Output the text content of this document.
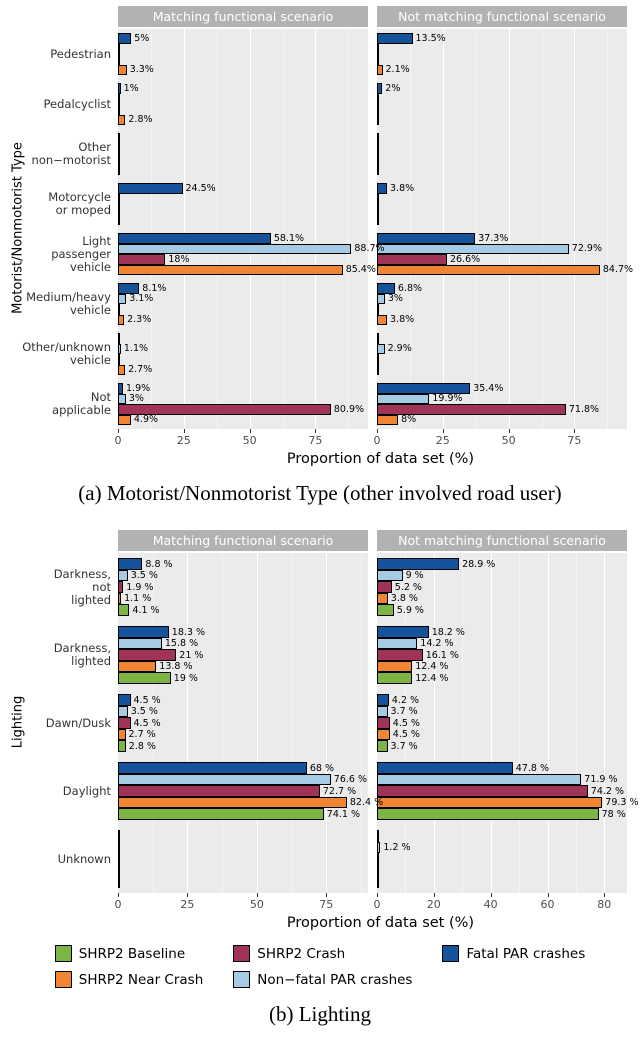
Motorist/Nonmotorist Type
Pedestrian
Pedalcyclist
Other
non−motorist
Motorcycle
or moped
Light
passenger
vehicle
Medium/heavy
vehicle
Other/unknown
vehicle
Not
applicable
Matching functional scenario
5%
3.3%
1%
2.8%
24.5%
58.1%
88.7%
18%
85.4%
8.1%
3.1%
2.3%
1.1%
2.7%
1.9%
3%
80.9%
4.9%
0	25	50	75
Not matching functional scenario
13.5%
2.1%
2%
3.8%
37.3%
72.9%
26.6%
84.7%
6.8%
3%
3.8%
2.9%
35.4%
19.9%
71.8%
8%
0	25	50	75
Proportion of data set (%)
(a) Motorist/Nonmotorist Type (other involved road user)
Lighting
Darkness,
not
lighted
Darkness,
lighted
Dawn/Dusk
Daylight
Unknown
Matching functional scenario
8.8 %
3.5 %
1.9 %
1.1 %
4.1 %
18.3 %
15.8 %
21 %
13.8 %
19 %
4.5 %
3.5 %
4.5 %
2.7 %
2.8 %
68 %
76.6 %
72.7 %
82.4 %
74.1 %
0	25	50	75
Not matching functional scenario
28.9 %
9 %
5.2 %
3.8 %
5.9 %
18.2 %
14.2 %
16.1 %
12.4 %
12.4 %
4.2 %
3.7 %
4.5 %
4.5 %
3.7 %
47.8 %
71.9 %
74.2 %
79.3 %
78 %
1.2 %
0	20	40	60	80
Proportion of data set (%)
SHRP2 Baseline	SHRP2 Crash	Fatal PAR crashes
SHRP2 Near Crash	Non−fatal PAR crashes
(b) Lighting
